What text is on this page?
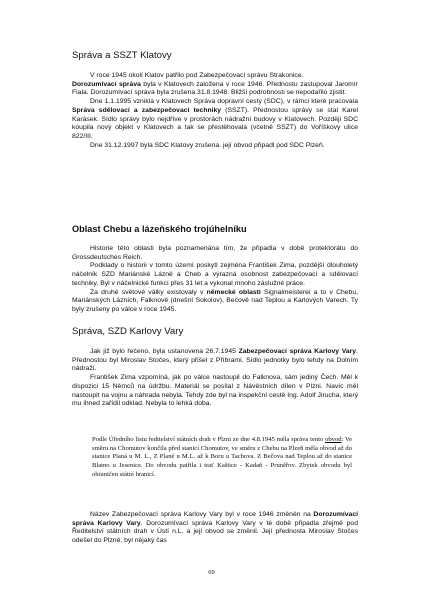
Správa a SSZT Klatovy

V roce 1945 okolí Klatov patřilo pod Zabezpečovací správu Strakonice.
Dorozumívací správa byla v Klatovech založena v roce 1946. Přednostu zastupoval Jaromír Fiala. Dorozumívací správa byla zrušena 31.8.1948. Bližší podrobnosti se nepodařilo zjistit.

Dne 1.1.1995 vznikla v Klatovech Správa dopravní cesty (SDC), v rámci které pracovala Správa sdělovací a zabezpečovací techniky (SSZT). Přednostou správy se stal Karel Karásek. Sídlo správy bylo nejdříve v prostorách nádražní budovy v Klatovech. Později SDC koupila nový objekt v Klatovech a tak se přestěhovala (včetně SSZT) do Voříškovy ulice 822/III.

Dne 31.12.1997 byla SDC Klatovy zrušena. její obvod připadl pod SDC Plzeň.

Oblast Chebu a lázeňského trojúhelníku

Historie této oblasti byla poznamenána tím, že připadla v době protektorátu do Grossdeutsches Reich.

Podklady o historii v tomto území poskytl zejména František Zima, pozdější dlouholetý náčelník SZD Mariánské Lázně a Cheb a výrazná osobnost zabezpečovací a sdělovací techniky. Byl v náčelnické funkci přes 31 let a vykonal mnoho záslužné práce.

Za druhé světové války existovaly v německé oblasti Signalmeisterei a to v Chebu, Mariánských Lázních, Falknově (dnešní Sokolov), Bečově nad Teplou a Karlových Varech. Ty byly zrušeny po válce v roce 1945.

Správa, SZD Karlovy Vary

Jak již bylo řečeno, byla ustanovena 26.7.1945 Zabezpečovací správa Karlovy Vary. Přednostou byl Miroslav Stočes, který přišel z Příbrami. Sídlo jednotky bylo tehdy na Dolním nádraží.

František Zima vzpomíná, jak po válce nastoupil do Falknova, sám jediný Čech. Měl k dispozici 15 Němců na údržbu. Materiál se posílal z Návěstních dílen v Plzni. Navíc měl nastoupit na vojnu a náhrada nebyla. Tehdy zde byl na inspekční cestě Ing. Adolf Jirucha, který mu ihned zařídil odklad. Nebyla to lehká doba.

Podle Úředního listu ředitelství státních drah v Plzni ze dne 4.8.1945 měla správa tento obvod: Ve směru na Chomutov končila před stanicí Chomutov, ve směru z Chebu na Plzeň měla obvod až do stanice Planá u M. L., Z Plané u M.L. až k Boru u Tachova. Z Bečova nad Teplou až do stanice Blatno u Jesenice. Do obvodu patřila i trať Kaštice - Kadaň - Pruněřov. Zbytek obvodu byl ohraničen státní hranicí.

Název Zabezpečovací správa Karlovy Vary byl v roce 1946 změněn na Dorozumívací správa Karlovy Vary. Dorozumívací správa Karlovy Vary v té době připadla zřejmě pod Ředitelství státních drah v Ústí n.L. a její obvod se změnil. Její přednosta Miroslav Stočes odešel do Plzně, byl nějaký čas

69
